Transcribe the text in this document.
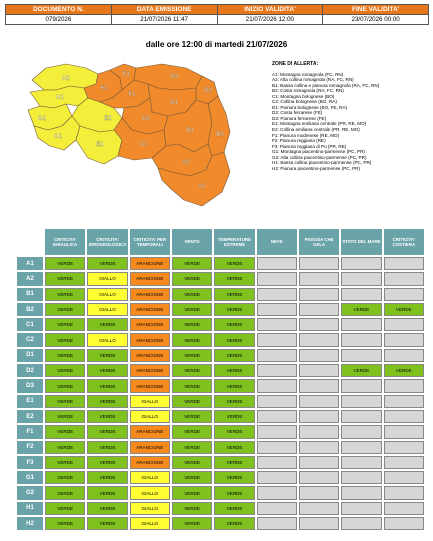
DOCUMENTO N.	DATA EMISSIONE	INIZIO VALIDITA'	FINE VALIDITA'
079/2026	21/07/2026 11:47	21/07/2026 12:00	23/07/2026 00:00
dalle ore 12:00 di martedi 21/07/2026
H2
H1
G2
G1
E2
E1
F2
F1
A2
A1
B2
B1
C2
C1
D2
D1
D3
F3
ZONE DI ALLERTA:
A1: Montagna romagnola (FC, RN)
A2: Alta collina romagnola (RA, FC, RN)
B1: Bassa collina e pianura romagnola (RA, FC, RN)
B2: Costa romagnola (RA, FC, RN)
C1: Montagna bolognese (BO)
C2: Collina bolognese (BO, RA)
D1: Pianura bolognese (BO, FE, RA)
D2: Costa ferrarese (FE)
D3: Pianura ferrarese (FE)
E1: Montagna emiliana centrale (PR, RE, MO)
E2: Collina emiliana centrale (PR, RE, MO)
F1: Pianura modenese (RE, MO)
F2: Pianura reggiana (RE)
F3: Pianura reggiana di Po (PR, RE)
G1: Montagna piacentino-parmense (PC, PR)
G2: Alta collina piacentino-parmense (PC, PR)
H1: Bassa collina piacentino-parmense (PC, PR)
H2: Pianura piacentino-parmense (PC, PR)
	CRITICITA' IDRAULICA	CRITICITA' IDROGEOLOGICA	CRITICITA' PER TEMPORALI	VENTO	TEMPERATURE ESTREME	NEVE	PIOGGIA CHE GELA	STATO DEL MARE	CRITICITA' COSTIERA
A1	VERDE	VERDE	ARANCIONE	VERDE	VERDE				
A2	VERDE	GIALLO	ARANCIONE	VERDE	VERDE				
B1	VERDE	GIALLO	ARANCIONE	VERDE	VERDE				
B2	VERDE	GIALLO	ARANCIONE	VERDE	VERDE			VERDE	VERDE
C1	VERDE	VERDE	ARANCIONE	VERDE	VERDE				
C2	VERDE	GIALLO	ARANCIONE	VERDE	VERDE				
D1	VERDE	VERDE	ARANCIONE	VERDE	VERDE				
D2	VERDE	VERDE	ARANCIONE	VERDE	VERDE			VERDE	VERDE
D3	VERDE	VERDE	ARANCIONE	VERDE	VERDE				
E1	VERDE	VERDE	GIALLO	VERDE	VERDE				
E2	VERDE	VERDE	GIALLO	VERDE	VERDE				
F1	VERDE	VERDE	ARANCIONE	VERDE	VERDE				
F2	VERDE	VERDE	ARANCIONE	VERDE	VERDE				
F3	VERDE	VERDE	ARANCIONE	VERDE	VERDE				
G1	VERDE	VERDE	GIALLO	VERDE	VERDE				
G2	VERDE	VERDE	GIALLO	VERDE	VERDE				
H1	VERDE	VERDE	GIALLO	VERDE	VERDE				
H2	VERDE	VERDE	GIALLO	VERDE	VERDE				
